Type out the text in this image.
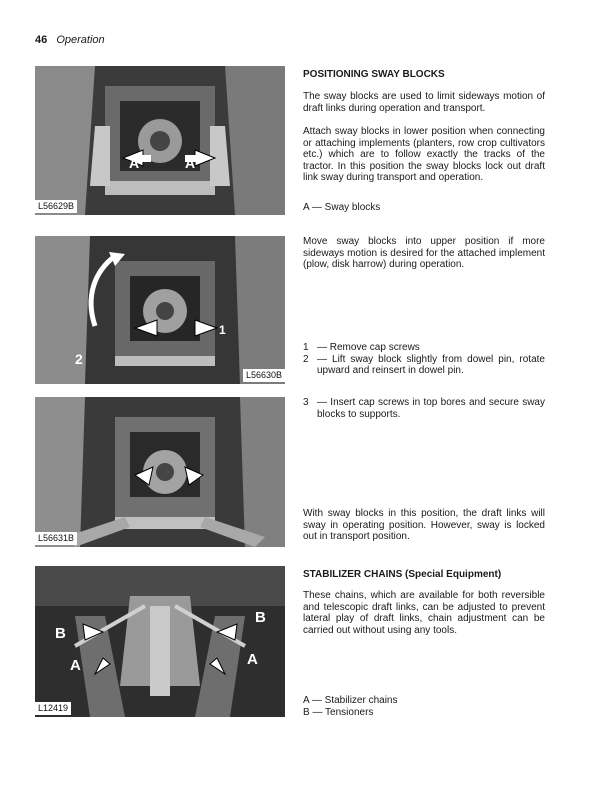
46 Operation
A	A
L56629B
2
1
L56630B
L56631B
B
B
A	A
L12419
POSITIONING SWAY BLOCKS

The sway blocks are used to limit sideways motion of draft links during operation and transport.

Attach sway blocks in lower position when connecting or attaching implements (planters, row crop cultivators etc.) which are to follow exactly the tracks of the tractor. In this position the sway blocks lock out draft link sway during transport and operation.

A — Sway blocks

Move sway blocks into upper position if more sideways motion is desired for the attached implement (plow, disk harrow) during operation.

1 — Remove cap screws
2 — Lift sway block slightly from dowel pin, rotate upward and reinsert in dowel pin.
3 — Insert cap screws in top bores and secure sway blocks to supports.

With sway blocks in this position, the draft links will sway in operating position. However, sway is locked out in transport position.

STABILIZER CHAINS (Special Equipment)

These chains, which are available for both reversible and telescopic draft links, can be adjusted to prevent lateral play of draft links, chain adjustment can be carried out without using any tools.

A — Stabilizer chains
B — Tensioners
